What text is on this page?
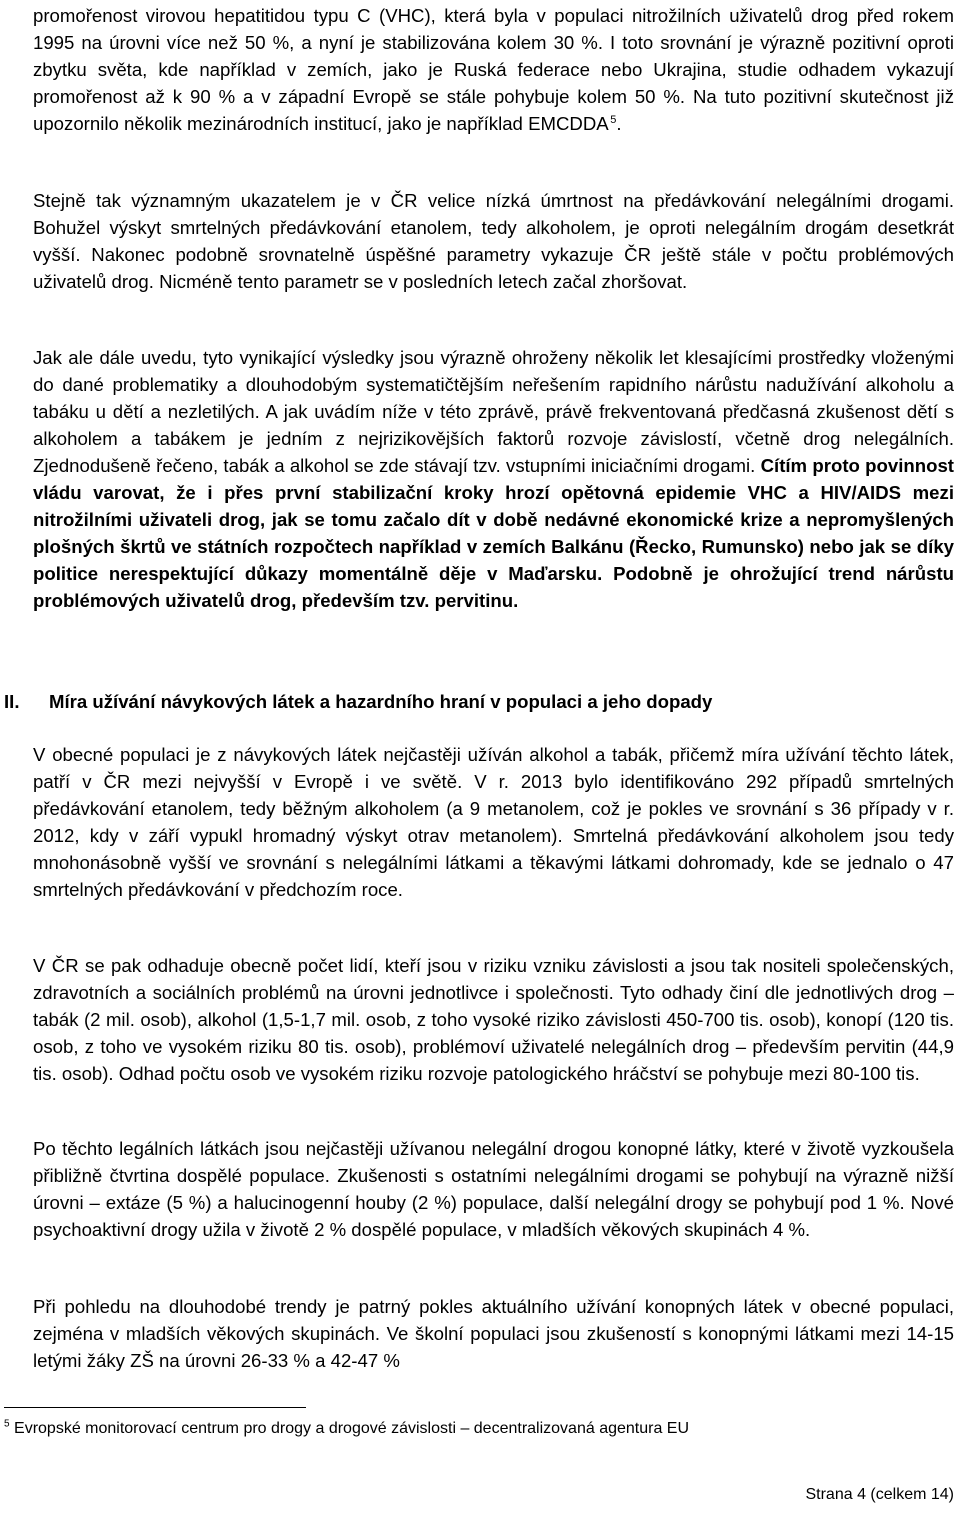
promořenost virovou hepatitidou typu C (VHC), která byla v populaci nitrožilních uživatelů drog před rokem 1995 na úrovni více než 50 %, a nyní je stabilizována kolem 30 %. I toto srovnání je výrazně pozitivní oproti zbytku světa, kde například v zemích, jako je Ruská federace nebo Ukrajina, studie odhadem vykazují promořenost až k 90 % a v západní Evropě se stále pohybuje kolem 50 %. Na tuto pozitivní skutečnost již upozornilo několik mezinárodních institucí, jako je například EMCDDA  $^5$.

Stejně tak významným ukazatelem je v ČR velice nízká úmrtnost na předávkování nelegálními drogami. Bohužel výskyt smrtelných předávkování etanolem, tedy alkoholem, je oproti nelegálním drogám desetkrát vyšší. Nakonec podobně srovnatelně úspěšné parametry vykazuje ČR ještě stále v počtu problémových uživatelů drog. Nicméně tento parametr se v posledních letech začal zhoršovat.

Jak ale dále uvedu, tyto vynikající výsledky jsou výrazně ohroženy několik let klesajícími prostředky vloženými do dané problematiky a dlouhodobým systematičtějším neřešením rapidního nárůstu nadužívání alkoholu a tabáku u dětí a nezletilých. A jak uvádím níže v této zprávě, právě frekventovaná předčasná zkušenost dětí s alkoholem a tabákem je jedním z nejrizikovějších faktorů rozvoje závislostí, včetně drog nelegálních. Zjednodušeně řečeno, tabák a alkohol se zde stávají tzv. vstupními iniciačními drogami. Cítím proto povinnost vládu varovat, že i přes první stabilizační kroky hrozí opětovná epidemie VHC a HIV/AIDS mezi nitrožilními uživateli drog, jak se tomu začalo dít v době nedávné ekonomické krize a nepromyšlených plošných škrtů ve státních rozpočtech například v zemích Balkánu (Řecko, Rumunsko) nebo jak se díky politice nerespektující důkazy momentálně děje v Maďarsku. Podobně je ohrožující trend nárůstu problémových uživatelů drog, především tzv. pervitinu.

II. Míra užívání návykových látek a hazardního hraní v populaci a jeho dopady

V obecné populaci je z návykových látek nejčastěji užíván alkohol a tabák, přičemž míra užívání těchto látek, patří v ČR mezi nejvyšší v Evropě i ve světě. V r. 2013 bylo identifikováno 292 případů smrtelných předávkování etanolem, tedy běžným alkoholem (a 9 metanolem, což je pokles ve srovnání s 36 případy v r. 2012, kdy v září vypukl hromadný výskyt otrav metanolem). Smrtelná předávkování alkoholem jsou tedy mnohonásobně vyšší ve srovnání s nelegálními látkami a těkavými látkami dohromady, kde se jednalo o 47 smrtelných předávkování v předchozím roce.

V ČR se pak odhaduje obecně počet lidí, kteří jsou v riziku vzniku závislosti a jsou tak nositeli společenských, zdravotních a sociálních problémů na úrovni jednotlivce i společnosti. Tyto odhady činí dle jednotlivých drog – tabák (2 mil. osob), alkohol (1,5-1,7 mil. osob, z toho vysoké riziko závislosti 450-700 tis. osob), konopí (120 tis. osob, z toho ve vysokém riziku 80 tis. osob), problémoví uživatelé nelegálních drog – především pervitin (44,9 tis. osob). Odhad počtu osob ve vysokém riziku rozvoje patologického hráčství se pohybuje mezi 80-100 tis.

Po těchto legálních látkách jsou nejčastěji užívanou nelegální drogou konopné látky, které v životě vyzkoušela přibližně čtvrtina dospělé populace. Zkušenosti s ostatními nelegálními drogami se pohybují na výrazně nižší úrovni – extáze (5 %) a halucinogenní houby (2 %) populace, další nelegální drogy se pohybují pod 1 %. Nové psychoaktivní drogy užila v životě 2 % dospělé populace, v mladších věkových skupinách 4 %.

Při pohledu na dlouhodobé trendy je patrný pokles aktuálního užívání konopných látek v obecné populaci, zejména v mladších věkových skupinách. Ve školní populaci jsou zkušeností s konopnými látkami mezi 14-15 letými žáky ZŠ na úrovni 26-33 % a 42-47 %

$^5$ Evropské monitorovací centrum pro drogy a drogové závislosti – decentralizovaná agentura EU

Strana 4 (celkem 14)
